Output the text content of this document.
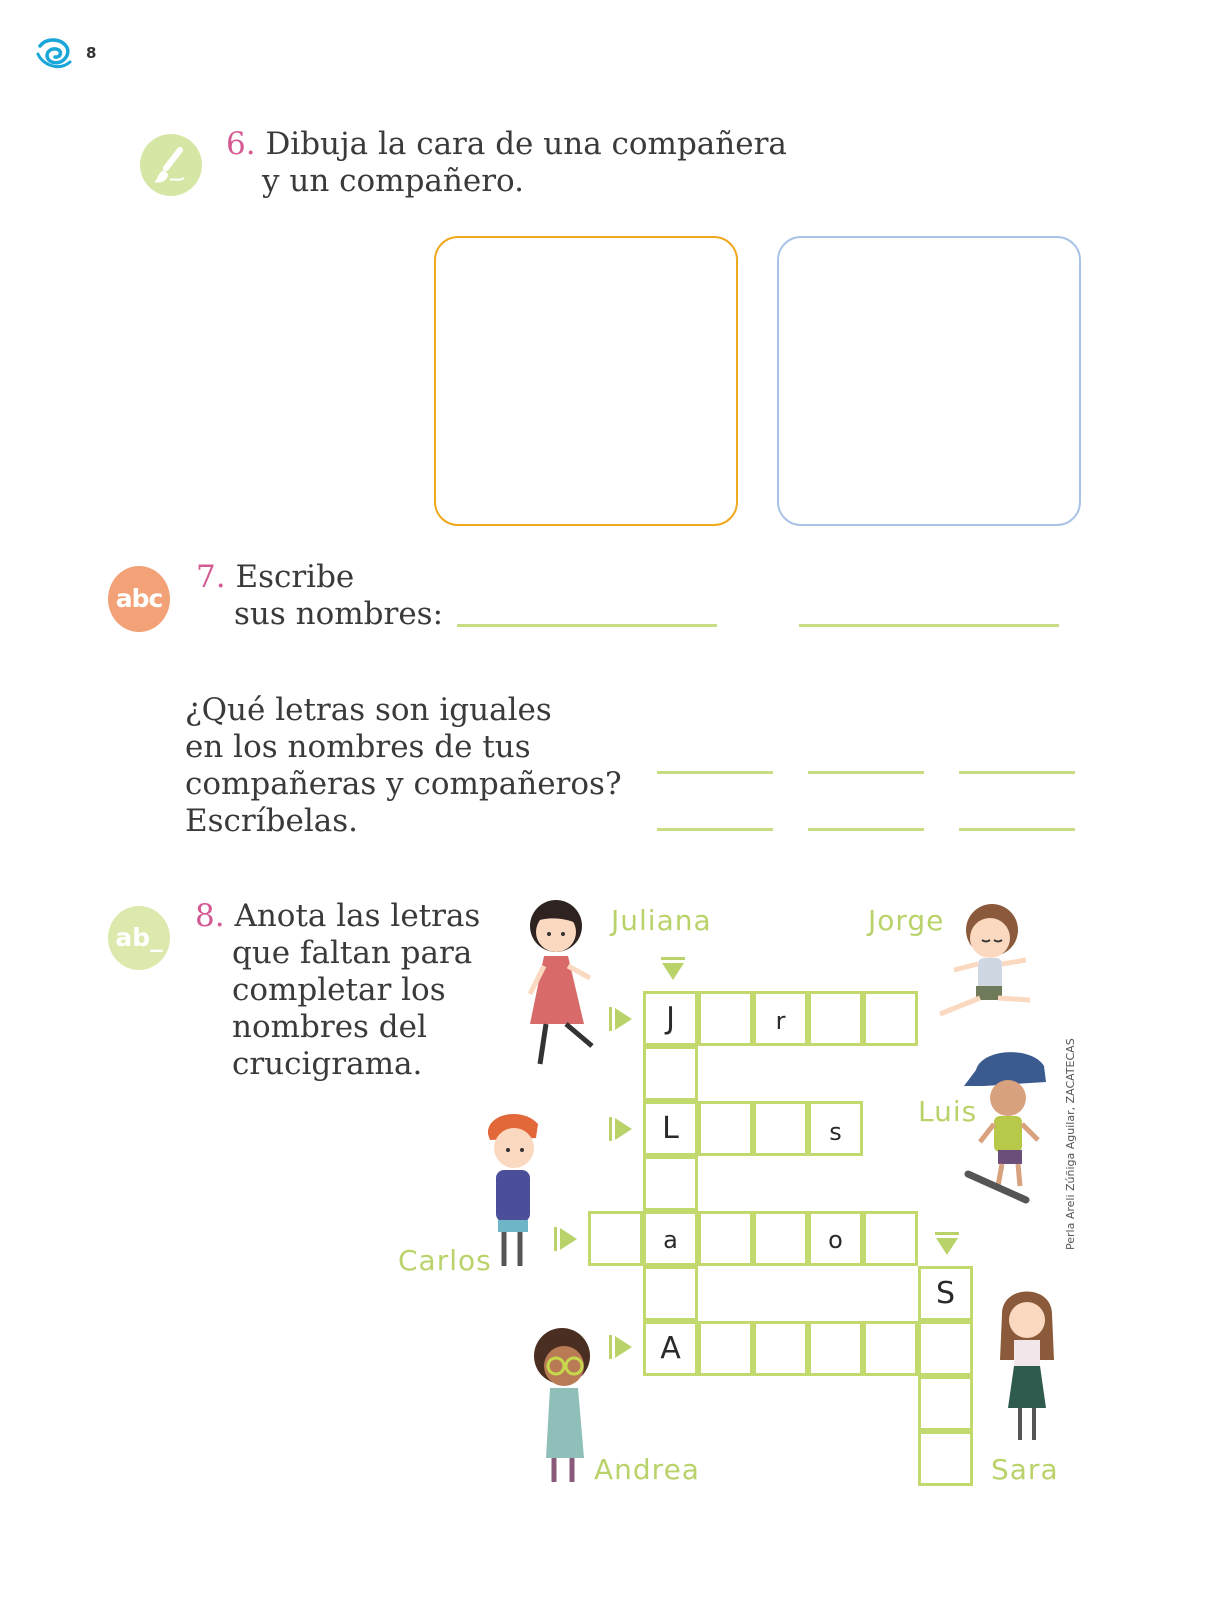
8
6. Dibuja la cara de una compañera
y un compañero.
abc
7. Escribe
sus nombres:
¿Qué letras son iguales
en los nombres de tus
compañeras y compañeros?
Escríbelas.
ab_
8. Anota las letras
que faltan para
completar los
nombres del
crucigrama.
J	r
L	s
a	o
S
A
Juliana	Jorge
Luis
Carlos
Andrea	Sara
Perla Areli Zúñiga Aguilar, ZACATECAS
